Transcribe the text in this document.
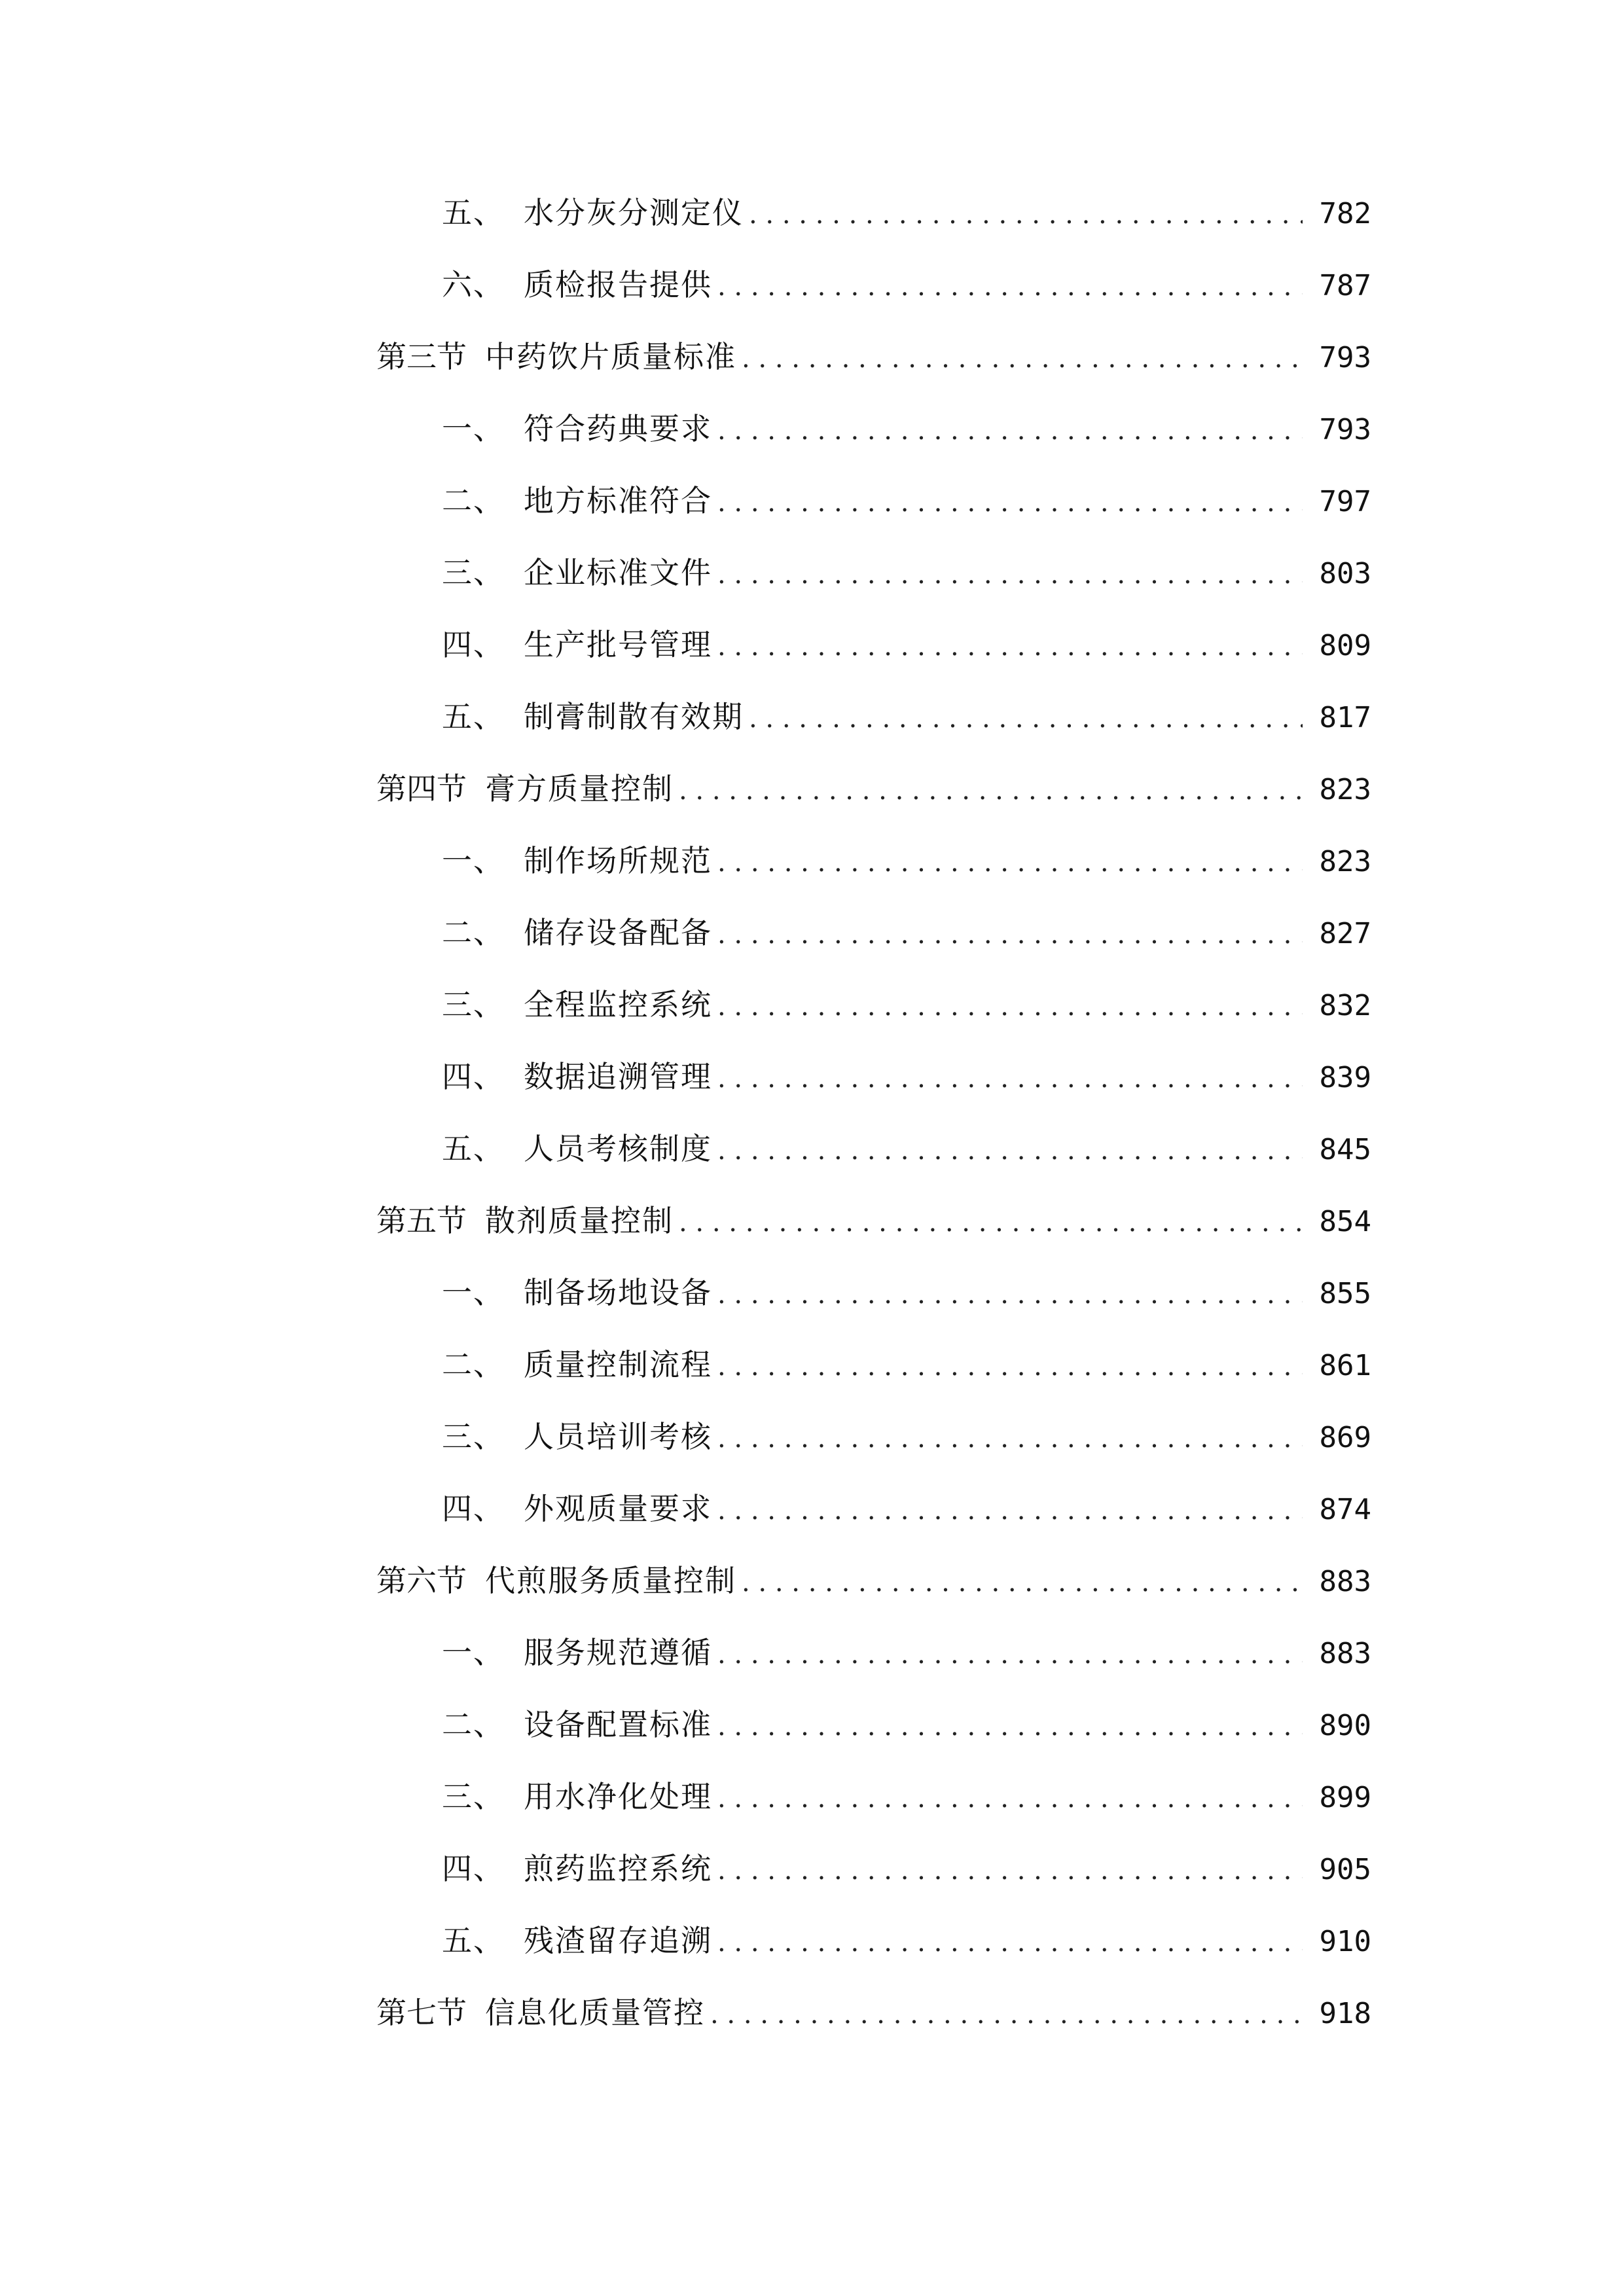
五、 水分灰分测定仪 . . .	782
六、 质检报告提供 . . .	787
第三节 中药饮片质量标准 . . .	793
一、 符合药典要求 . . .	793
二、 地方标准符合 . . .	797
三、 企业标准文件 . . .	803
四、 生产批号管理 . . .	809
五、 制膏制散有效期 . . .	817
第四节 膏方质量控制 . . .	823
一、 制作场所规范 . . .	823
二、 储存设备配备 . . .	827
三、 全程监控系统 . . .	832
四、 数据追溯管理 . . .	839
五、 人员考核制度 . . .	845
第五节 散剂质量控制 . . .	854
一、 制备场地设备 . . .	855
二、 质量控制流程 . . .	861
三、 人员培训考核 . . .	869
四、 外观质量要求 . . .	874
第六节 代煎服务质量控制 . . .	883
一、 服务规范遵循 . . .	883
二、 设备配置标准 . . .	890
三、 用水净化处理 . . .	899
四、 煎药监控系统 . . .	905
五、 残渣留存追溯 . . .	910
第七节 信息化质量管控 . . .	918
